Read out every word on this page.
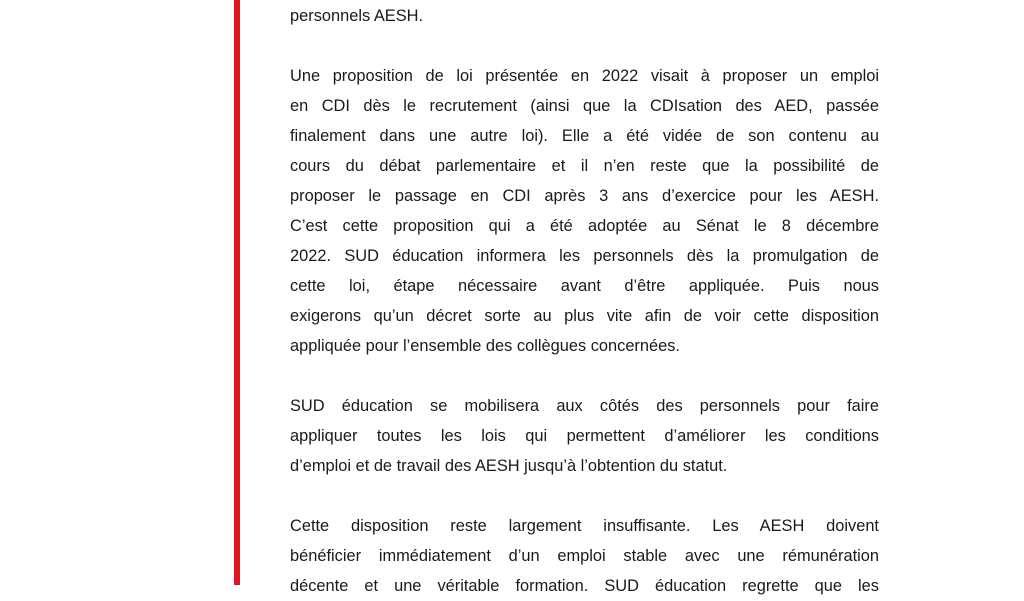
personnels AESH.
Une proposition de loi présentée en 2022 visait à proposer un emploi
en CDI dès le recrutement (ainsi que la CDIsation des AED, passée
finalement dans une autre loi). Elle a été vidée de son contenu au
cours du débat parlementaire et il n’en reste que la possibilité de
proposer le passage en CDI après 3 ans d’exercice pour les AESH.
C’est cette proposition qui a été adoptée au Sénat le 8 décembre
2022. SUD éducation informera les personnels dès la promulgation de
cette loi, étape nécessaire avant d’être appliquée. Puis nous
exigerons qu’un décret sorte au plus vite afin de voir cette disposition
appliquée pour l’ensemble des collègues concernées.
SUD éducation se mobilisera aux côtés des personnels pour faire
appliquer toutes les lois qui permettent d’améliorer les conditions
d’emploi et de travail des AESH jusqu’à l’obtention du statut.
Cette disposition reste largement insuffisante. Les AESH doivent
bénéficier immédiatement d’un emploi stable avec une rémunération
décente et une véritable formation. SUD éducation regrette que les
